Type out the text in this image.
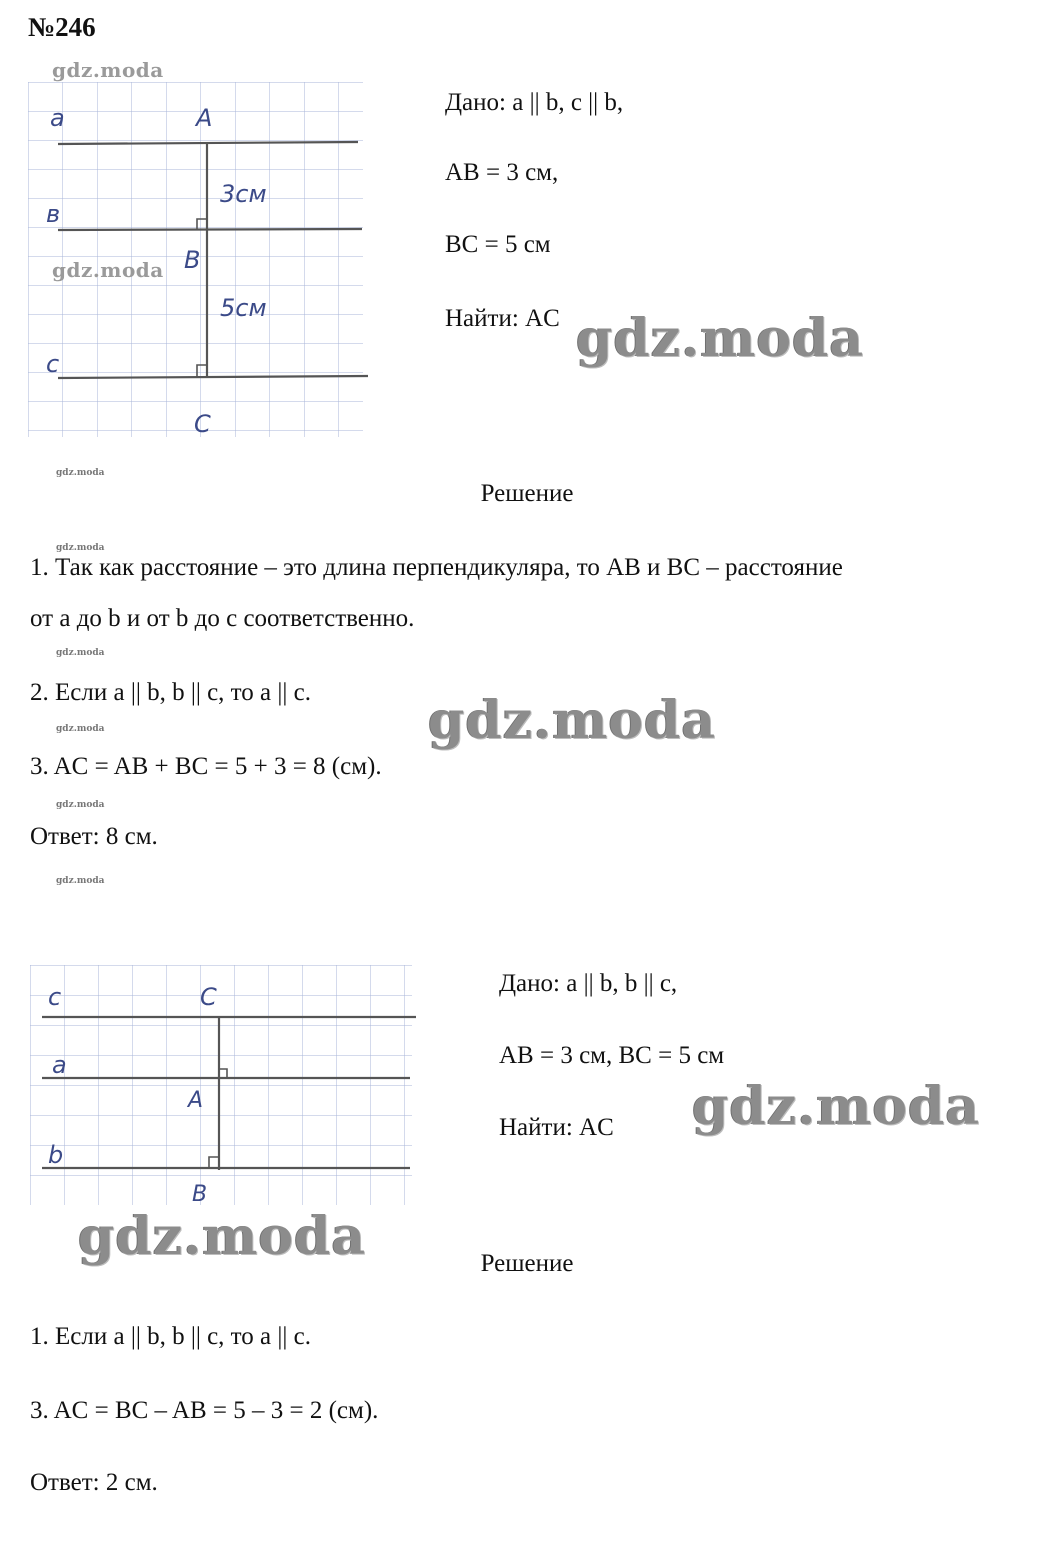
№246
gdz.moda
a
в
c
A
B
C
3см
5см
gdz.moda
Дано: a || b, c || b,
AB = 3 см,
BC = 5 см
Найти: AC gdz.moda
gdz.moda
Решение
gdz.moda
1. Так как расстояние – это длина перпендикуляра, то AB и BC – расстояние
от a до b и от b до c соответственно.
gdz.moda
2. Если a || b, b || c, то a || c. gdz.moda
gdz.moda
3. AC = AB + BC = 5 + 3 = 8 (см).
gdz.moda
Ответ: 8 см.
gdz.moda
c
a
b
C
A
B
gdz.moda
Дано: a || b, b || c,
AB = 3 см, BC = 5 см
Найти: AC gdz.moda
Решение
1. Если a || b, b || c, то a || c.
3. AC = BC – AB = 5 – 3 = 2 (см).
Ответ: 2 см.
